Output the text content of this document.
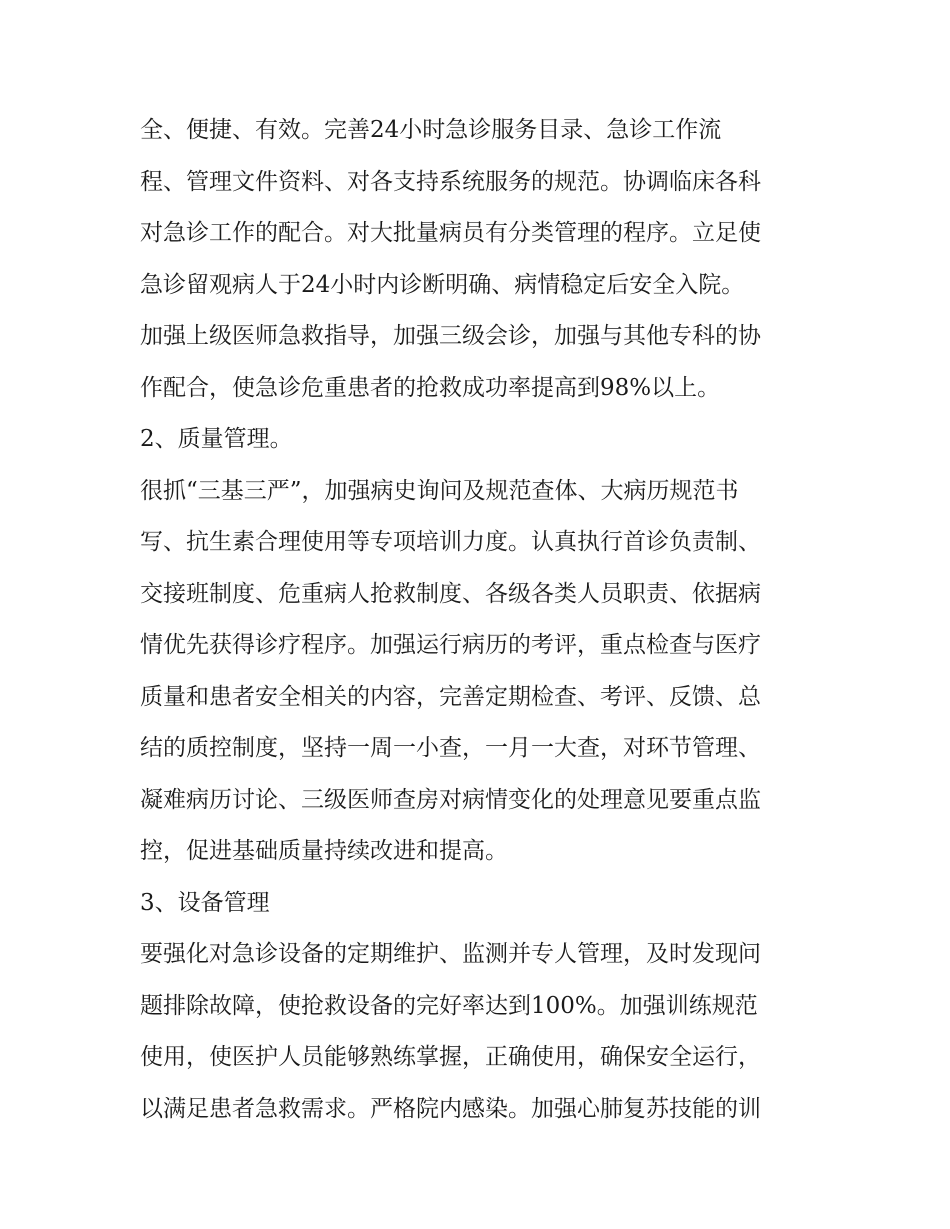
全、便捷、有效。完善24小时急诊服务目录、急诊工作流
程、管理文件资料、对各支持系统服务的规范。协调临床各科
对急诊工作的配合。对大批量病员有分类管理的程序。立足使
急诊留观病人于24小时内诊断明确、病情稳定后安全入院。
加强上级医师急救指导，加强三级会诊，加强与其他专科的协
作配合，使急诊危重患者的抢救成功率提高到98%以上。
2、质量管理。
很抓“三基三严”，加强病史询问及规范查体、大病历规范书
写、抗生素合理使用等专项培训力度。认真执行首诊负责制、
交接班制度、危重病人抢救制度、各级各类人员职责、依据病
情优先获得诊疗程序。加强运行病历的考评，重点检查与医疗
质量和患者安全相关的内容，完善定期检查、考评、反馈、总
结的质控制度，坚持一周一小查，一月一大查，对环节管理、
凝难病历讨论、三级医师查房对病情变化的处理意见要重点监
控，促进基础质量持续改进和提高。
3、设备管理
要强化对急诊设备的定期维护、监测并专人管理，及时发现问
题排除故障，使抢救设备的完好率达到100%。加强训练规范
使用，使医护人员能够熟练掌握，正确使用，确保安全运行，
以满足患者急救需求。严格院内感染。加强心肺复苏技能的训
